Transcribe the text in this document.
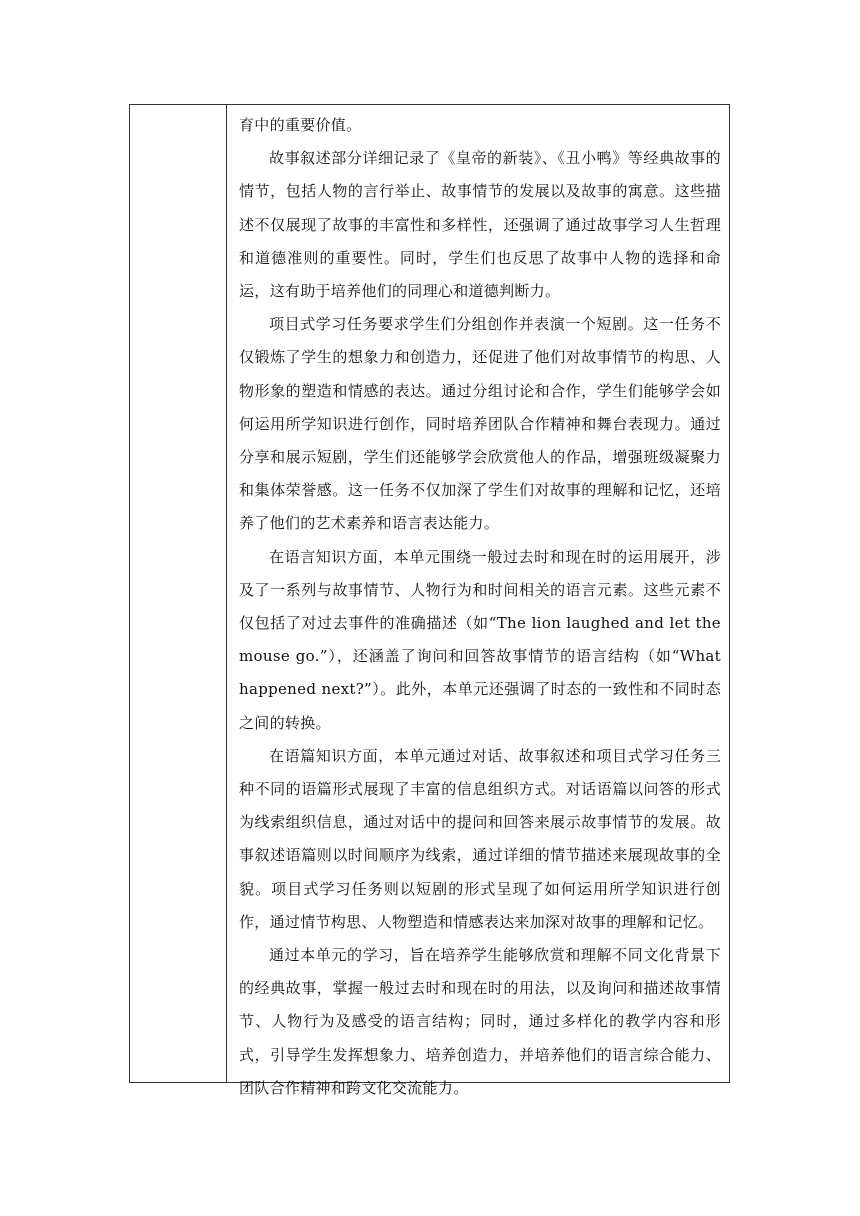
育中的重要价值。

故事叙述部分详细记录了《皇帝的新装》、《丑小鸭》等经典故事的情节，包括人物的言行举止、故事情节的发展以及故事的寓意。这些描述不仅展现了故事的丰富性和多样性，还强调了通过故事学习人生哲理和道德准则的重要性。同时，学生们也反思了故事中人物的选择和命运，这有助于培养他们的同理心和道德判断力。

项目式学习任务要求学生们分组创作并表演一个短剧。这一任务不仅锻炼了学生的想象力和创造力，还促进了他们对故事情节的构思、人物形象的塑造和情感的表达。通过分组讨论和合作，学生们能够学会如何运用所学知识进行创作，同时培养团队合作精神和舞台表现力。通过分享和展示短剧，学生们还能够学会欣赏他人的作品，增强班级凝聚力和集体荣誉感。这一任务不仅加深了学生们对故事的理解和记忆，还培养了他们的艺术素养和语言表达能力。

在语言知识方面，本单元围绕一般过去时和现在时的运用展开，涉及了一系列与故事情节、人物行为和时间相关的语言元素。这些元素不仅包括了对过去事件的准确描述（如“The lion laughed and let the mouse go.”），还涵盖了询问和回答故事情节的语言结构（如“What happened next?”）。此外，本单元还强调了时态的一致性和不同时态之间的转换。

在语篇知识方面，本单元通过对话、故事叙述和项目式学习任务三种不同的语篇形式展现了丰富的信息组织方式。对话语篇以问答的形式为线索组织信息，通过对话中的提问和回答来展示故事情节的发展。故事叙述语篇则以时间顺序为线索，通过详细的情节描述来展现故事的全貌。项目式学习任务则以短剧的形式呈现了如何运用所学知识进行创作，通过情节构思、人物塑造和情感表达来加深对故事的理解和记忆。

通过本单元的学习，旨在培养学生能够欣赏和理解不同文化背景下的经典故事，掌握一般过去时和现在时的用法，以及询问和描述故事情节、人物行为及感受的语言结构；同时，通过多样化的教学内容和形式，引导学生发挥想象力、培养创造力，并培养他们的语言综合能力、团队合作精神和跨文化交流能力。
